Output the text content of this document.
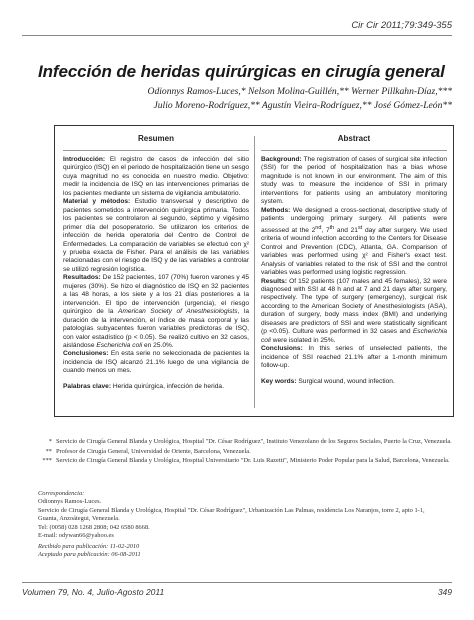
Cir Cir 2011;79:349-355
Infección de heridas quirúrgicas en cirugía general
Odionnys Ramos-Luces,* Nelson Molina-Guillén,** Werner Pillkahn-Díaz,***
Julio Moreno-Rodríguez,** Agustín Vieira-Rodríguez,** José Gómez-León**
Resumen

Introducción: El registro de casos de infección del sitio quirúrgico (ISQ) en el periodo de hospitalización tiene un sesgo cuya magnitud no es conocida en nuestro medio. Objetivo: medir la incidencia de ISQ en las intervenciones primarias de los pacientes mediante un sistema de vigilancia ambulatorio.

Material y métodos: Estudio transversal y descriptivo de pacientes sometidos a intervención quirúrgica primaria. Todos los pacientes se controlaron al segundo, séptimo y vigésimo primer día del posoperatorio. Se utilizaron los criterios de infección de herida operatoria del Centro de Control de Enfermedades. La comparación de variables se efectuó con χ² y prueba exacta de Fisher. Para el análisis de las variables relacionadas con el riesgo de ISQ y de las variables a controlar se utilizó regresión logística.

Resultados: De 152 pacientes, 107 (70%) fueron varones y 45 mujeres (30%). Se hizo el diagnóstico de ISQ en 32 pacientes a las 48 horas, a los siete y a los 21 días posteriores a la intervención. El tipo de intervención (urgencia), el riesgo quirúrgico de la American Society of Anesthesiologists, la duración de la intervención, el índice de masa corporal y las patologías subyacentes fueron variables predictoras de ISQ, con valor estadístico (p < 0.05). Se realizó cultivo en 32 casos, aislándose Escherichia coli en 25.0%.

Conclusiones: En esta serie no seleccionada de pacientes la incidencia de ISQ alcanzó 21.1% luego de una vigilancia de cuando menos un mes.

Palabras clave: Herida quirúrgica, infección de herida.

Abstract

Background: The registration of cases of surgical site infection (SSI) for the period of hospitalization has a bias whose magnitude is not known in our environment. The aim of this study was to measure the incidence of SSI in primary interventions for patients using an ambulatory monitoring system.

Methods: We designed a cross-sectional, descriptive study of patients undergoing primary surgery. All patients were assessed at the 2nd, 7th and 21st day after surgery. We used criteria of wound infection according to the Centers for Disease Control and Prevention (CDC), Atlanta, GA. Comparison of variables was performed using χ² and Fisher's exact test. Analysis of variables related to the risk of SSI and the control variables was performed using logistic regression.

Results: Of 152 patients (107 males and 45 females), 32 were diagnosed with SSI at 48 h and at 7 and 21 days after surgery, respectively. The type of surgery (emergency), surgical risk according to the American Society of Anesthesiologists (ASA), duration of surgery, body mass index (BMI) and underlying diseases are predictors of SSI and were statistically significant (p <0.05). Culture was performed in 32 cases and Escherichia coli were isolated in 25%.

Conclusions: In this series of unselected patients, the incidence of SSI reached 21.1% after a 1-month minimum follow-up.

Key words: Surgical wound, wound infection.

* Servicio de Cirugía General Blanda y Urológica, Hospital "Dr. César Rodríguez", Instituto Venezolano de los Seguros Sociales, Puerto la Cruz, Venezuela.
** Profesor de Cirugía General, Universidad de Oriente, Barcelona, Venezuela.
*** Servicio de Cirugía General Blanda y Urológica, Hospital Universitario "Dr. Luis Razetti", Ministerio Poder Popular para la Salud, Barcelona, Venezuela.
Correspondencia:
Odionnys Ramos-Luces.
Servicio de Cirugía General Blanda y Urológica, Hospital "Dr. César Rodríguez", Urbanización Las Palmas, residencia Los Naranjos, torre 2, apto 1-1, Guanta, Anzoátegui, Venezuela.
Tel: (0058) 028 1268 2808; 042 6580 8668.
E-mail: odywan66@yahoo.es
Recibido para publicación: 11-02-2010
Aceptado para publicación: 06-08-2011
Volumen 79, No. 4, Julio-Agosto 2011	349
